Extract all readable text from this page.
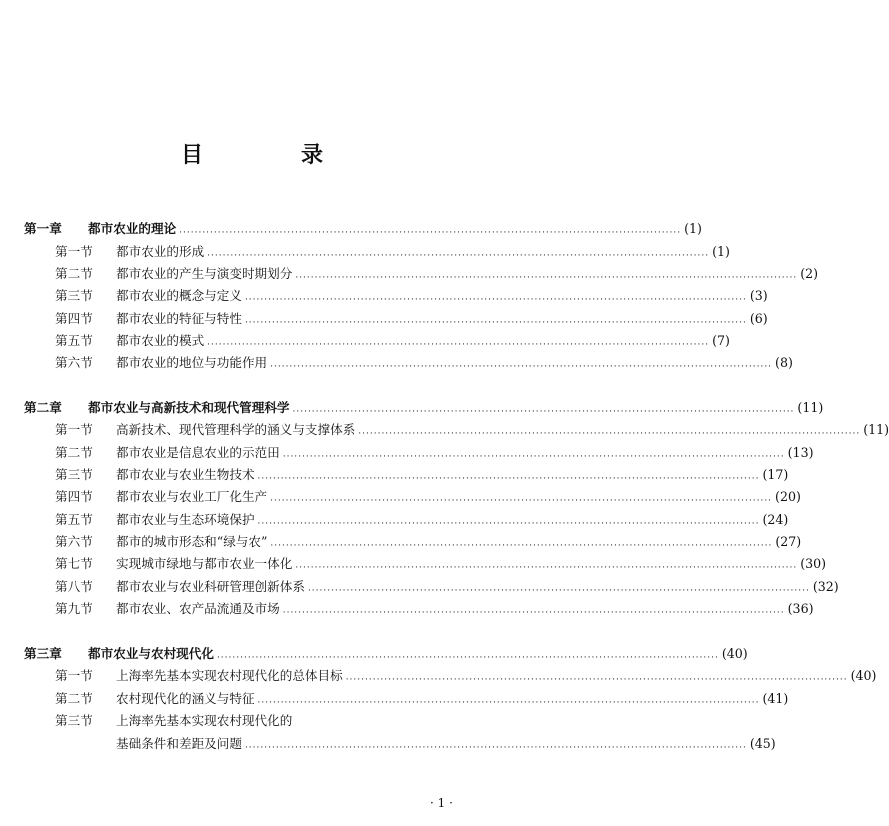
目　录
第一章	都市农业的理论 ·································································································································· (1)
第一节	都市农业的形成 ·································································································································· (1)
第二节	都市农业的产生与演变时期划分 ·································································································································· (2)
第三节	都市农业的概念与定义 ·································································································································· (3)
第四节	都市农业的特征与特性 ·································································································································· (6)
第五节	都市农业的模式 ·································································································································· (7)
第六节	都市农业的地位与功能作用 ·································································································································· (8)
第二章	都市农业与高新技术和现代管理科学 ·································································································································· (11)
第一节	高新技术、现代管理科学的涵义与支撑体系 ·································································································································· (11)
第二节	都市农业是信息农业的示范田 ·································································································································· (13)
第三节	都市农业与农业生物技术 ·································································································································· (17)
第四节	都市农业与农业工厂化生产 ·································································································································· (20)
第五节	都市农业与生态环境保护 ·································································································································· (24)
第六节	都市的城市形态和“绿与农” ·································································································································· (27)
第七节	实现城市绿地与都市农业一体化 ·································································································································· (30)
第八节	都市农业与农业科研管理创新体系 ·································································································································· (32)
第九节	都市农业、农产品流通及市场 ·································································································································· (36)
第三章	都市农业与农村现代化 ·································································································································· (40)
第一节	上海率先基本实现农村现代化的总体目标 ·································································································································· (40)
第二节	农村现代化的涵义与特征 ·································································································································· (41)
第三节	上海率先基本实现农村现代化的
基础条件和差距及问题 ·································································································································· (45)
· 1 ·
